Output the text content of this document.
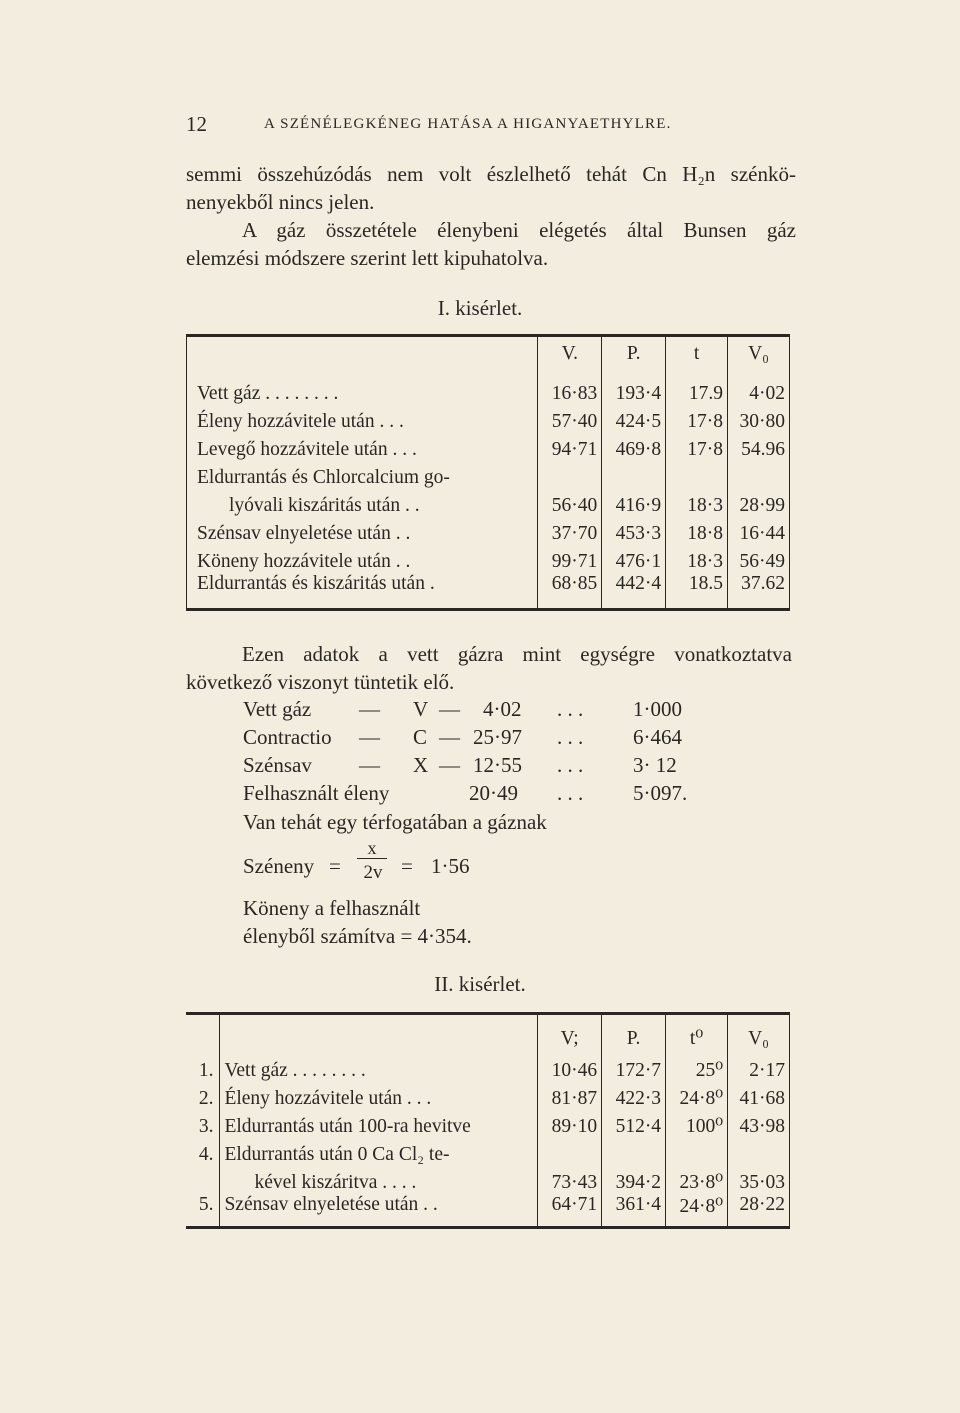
12	A SZÉNÉLEGKÉNEG HATÁSA A HIGANYAETHYLRE.
semmi összehúzódás nem volt észlelhető tehát Cn H₂n szénkö-
nenyekből nincs jelen.
A gáz összetétele élenybeni elégetés által Bunsen gáz
elemzési módszere szerint lett kipuhatolva.
I. kisérlet.
	V.	P.	t	V₀
Vett gáz . . . . . . . .	16·83	193·4	17.9	4·02
Éleny hozzávitele után . . .	57·40	424·5	17·8	30·80
Levegő hozzávitele után . . .	94·71	469·8	17·8	54.96
Eldurrantás és Chlorcalcium go-				
lyóvali kiszáritás után . .	56·40	416·9	18·3	28·99
Szénsav elnyeletése után . .	37·70	453·3	18·8	16·44
Köneny hozzávitele után . .	99·71	476·1	18·3	56·49
Eldurrantás és kiszáritás után .	68·85	442·4	18.5	37.62
Ezen adatok a vett gázra mint egységre vonatkoztatva
következő viszonyt tüntetik elő.
Vett gáz — V — 4·02 . . . 1·000
Contractio — C — 25·97 . . . 6·464
Szénsav — X — 12·55 . . . 3· 12
Felhasznált éleny	20·49 . . . 5·097.
Van tehát egy térfogatában a gáznak
Széneny =
x
2v = 1·56
Köneny a felhasznált
élenyből számítva = 4·354.
II. kisérlet.
		V;	P.	t⁰	V₀
1.	Vett gáz . . . . . . . .	10·46	172·7	25⁰	2·17
2.	Éleny hozzávitele után . . .	81·87	422·3	24·8⁰	41·68
3.	Eldurrantás után 100-ra hevitve	89·10	512·4	100⁰	43·98
4.	Eldurrantás után 0 Ca Cl₂ te-				
	kével kiszáritva . . . .	73·43	394·2	23·8⁰	35·03
5.	Szénsav elnyeletése után . .	64·71	361·4	24·8⁰	28·22
